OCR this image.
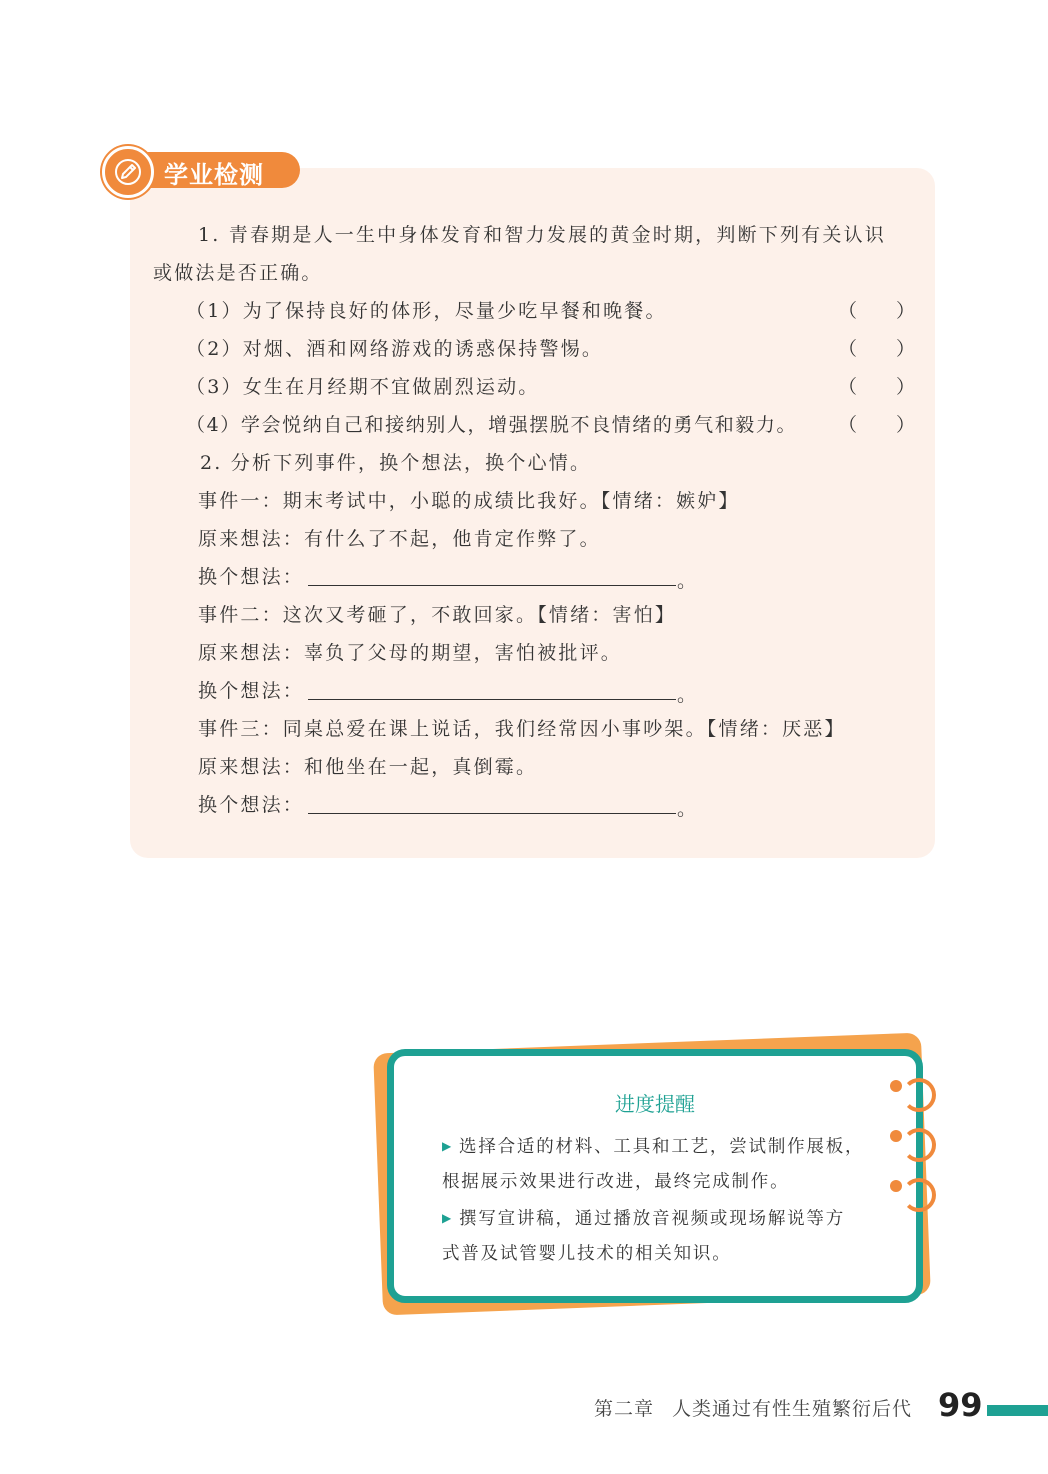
学业检测
1. 青春期是人一生中身体发育和智力发展的黄金时期，判断下列有关认识
或做法是否正确。
（1）为了保持良好的体形，尽量少吃早餐和晚餐。	（ ）
（2）对烟、酒和网络游戏的诱惑保持警惕。	（ ）
（3）女生在月经期不宜做剧烈运动。	（ ）
（4）学会悦纳自己和接纳别人，增强摆脱不良情绪的勇气和毅力。 （ ）
2. 分析下列事件，换个想法，换个心情。
事件一：期末考试中，小聪的成绩比我好。【情绪：嫉妒】
原来想法：有什么了不起，他肯定作弊了。
换个想法：	。
事件二：这次又考砸了，不敢回家。【情绪：害怕】
原来想法：辜负了父母的期望，害怕被批评。
换个想法：	。
事件三：同桌总爱在课上说话，我们经常因小事吵架。【情绪：厌恶】
原来想法：和他坐在一起，真倒霉。
换个想法：	。
进度提醒
▶ 选择合适的材料、工具和工艺，尝试制作展板，
根据展示效果进行改进，最终完成制作。
▶ 撰写宣讲稿，通过播放音视频或现场解说等方
式普及试管婴儿技术的相关知识。
第二章 人类通过有性生殖繁衍后代 99
